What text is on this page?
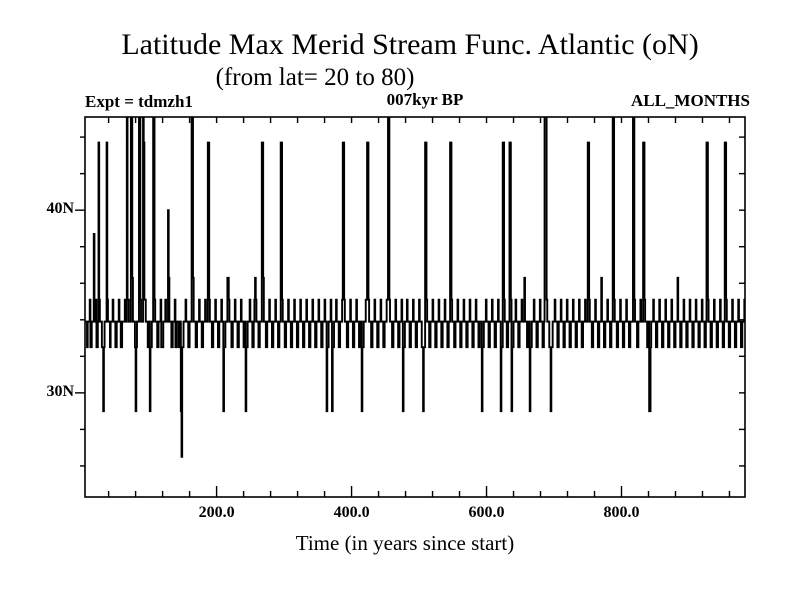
Latitude Max Merid Stream Func. Atlantic (oN)
(from lat= 20 to 80)
Expt = tdmzh1	007kyr BP	ALL_MONTHS
40N
30N
Time (in years since start)
200.0	400.0	600.0	800.0
